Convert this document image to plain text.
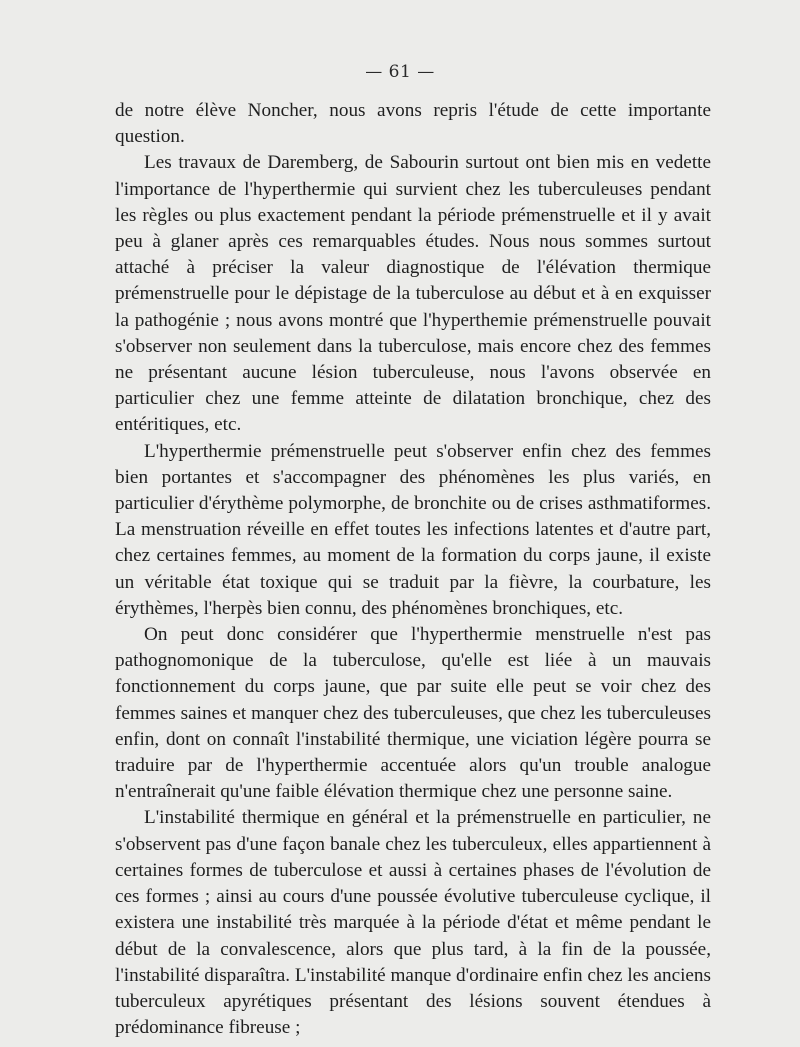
— 61 —

de notre élève Noncher, nous avons repris l'étude de cette importante question.

Les travaux de Daremberg, de Sabourin surtout ont bien mis en vedette l'importance de l'hyperthermie qui survient chez les tuberculeuses pendant les règles ou plus exactement pendant la période prémenstruelle et il y avait peu à glaner après ces remarquables études. Nous nous sommes surtout attaché à préciser la valeur diagnostique de l'élévation thermique prémenstruelle pour le dépistage de la tuberculose au début et à en exquisser la pathogénie ; nous avons montré que l'hyperthemie prémenstruelle pouvait s'observer non seulement dans la tuberculose, mais encore chez des femmes ne présentant aucune lésion tuberculeuse, nous l'avons observée en particulier chez une femme atteinte de dilatation bronchique, chez des entéritiques, etc.

L'hyperthermie prémenstruelle peut s'observer enfin chez des femmes bien portantes et s'accompagner des phénomènes les plus variés, en particulier d'érythème polymorphe, de bronchite ou de crises asthmatiformes. La menstruation réveille en effet toutes les infections latentes et d'autre part, chez certaines femmes, au moment de la formation du corps jaune, il existe un véritable état toxique qui se traduit par la fièvre, la courbature, les érythèmes, l'herpès bien connu, des phénomènes bronchiques, etc.

On peut donc considérer que l'hyperthermie menstruelle n'est pas pathognomonique de la tuberculose, qu'elle est liée à un mauvais fonctionnement du corps jaune, que par suite elle peut se voir chez des femmes saines et manquer chez des tuberculeuses, que chez les tuberculeuses enfin, dont on connaît l'instabilité thermique, une viciation légère pourra se traduire par de l'hyperthermie accentuée alors qu'un trouble analogue n'entraînerait qu'une faible élévation thermique chez une personne saine.

L'instabilité thermique en général et la prémenstruelle en particulier, ne s'observent pas d'une façon banale chez les tuberculeux, elles appartiennent à certaines formes de tuberculose et aussi à certaines phases de l'évolution de ces formes ; ainsi au cours d'une poussée évolutive tuberculeuse cyclique, il existera une instabilité très marquée à la période d'état et même pendant le début de la convalescence, alors que plus tard, à la fin de la poussée, l'instabilité disparaîtra. L'instabilité manque d'ordinaire enfin chez les anciens tuberculeux apyrétiques présentant des lésions souvent étendues à prédominance fibreuse ;
